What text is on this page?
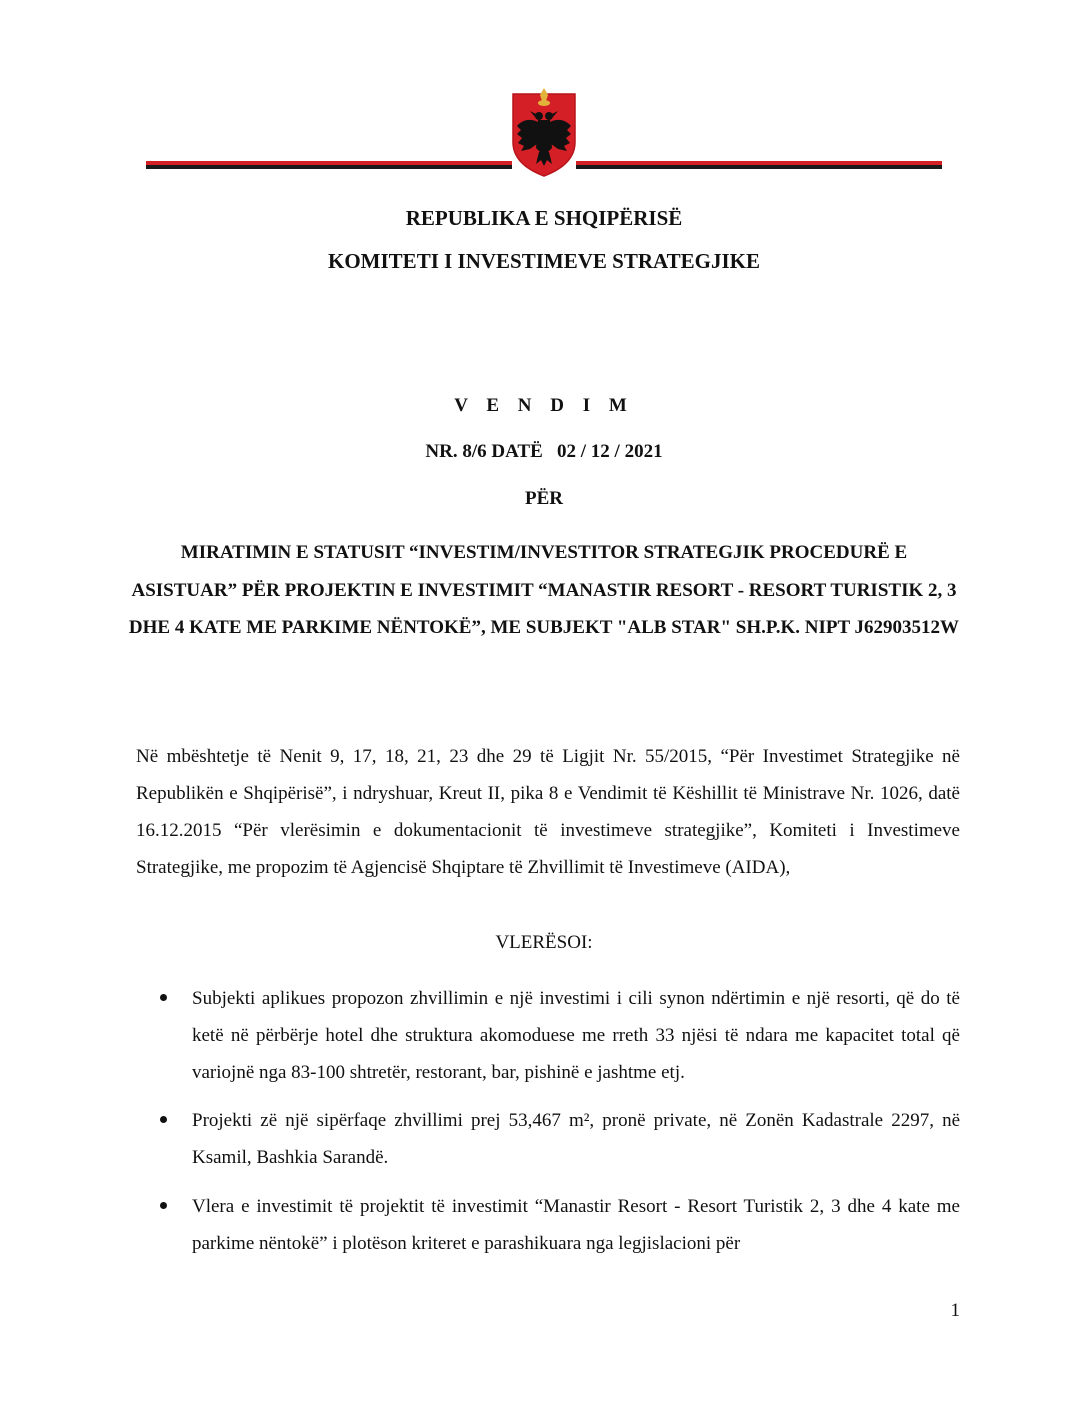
REPUBLIKA E SHQIPËRISË
KOMITETI I INVESTIMEVE STRATEGJIKE
V E N D I M
NR. 8/6 DATË   02 / 12 / 2021
PËR
MIRATIMIN E STATUSIT “INVESTIM/INVESTITOR STRATEGJIK PROCEDURË E ASISTUAR” PËR PROJEKTIN E INVESTIMIT “MANASTIR RESORT - RESORT TURISTIK 2, 3 DHE 4 KATE ME PARKIME NËNTOKË”, ME SUBJEKT "ALB STAR" SH.P.K. NIPT J62903512W
Në mbështetje të Nenit 9, 17, 18, 21, 23 dhe 29 të Ligjit Nr. 55/2015, “Për Investimet Strategjike në Republikën e Shqipërisë”, i ndryshuar, Kreut II, pika 8 e Vendimit të Këshillit të Ministrave Nr. 1026, datë 16.12.2015 “Për vlerësimin e dokumentacionit të investimeve strategjike”, Komiteti i Investimeve Strategjike, me propozim të Agjencisë Shqiptare të Zhvillimit të Investimeve (AIDA),
VLERËSOI:
Subjekti aplikues propozon zhvillimin e një investimi i cili synon ndërtimin e një resorti, që do të ketë në përbërje hotel dhe struktura akomoduese me rreth 33 njësi të ndara me kapacitet total që variojnë nga 83-100 shtretër, restorant, bar, pishinë e jashtme etj.
Projekti zë një sipërfaqe zhvillimi prej 53,467 m², pronë private, në Zonën Kadastrale 2297, në Ksamil, Bashkia Sarandë.
Vlera e investimit të projektit të investimit “Manastir Resort - Resort Turistik 2, 3 dhe 4 kate me parkime nëntokë” i plotëson kriteret e parashikuara nga legjislacioni për
1
